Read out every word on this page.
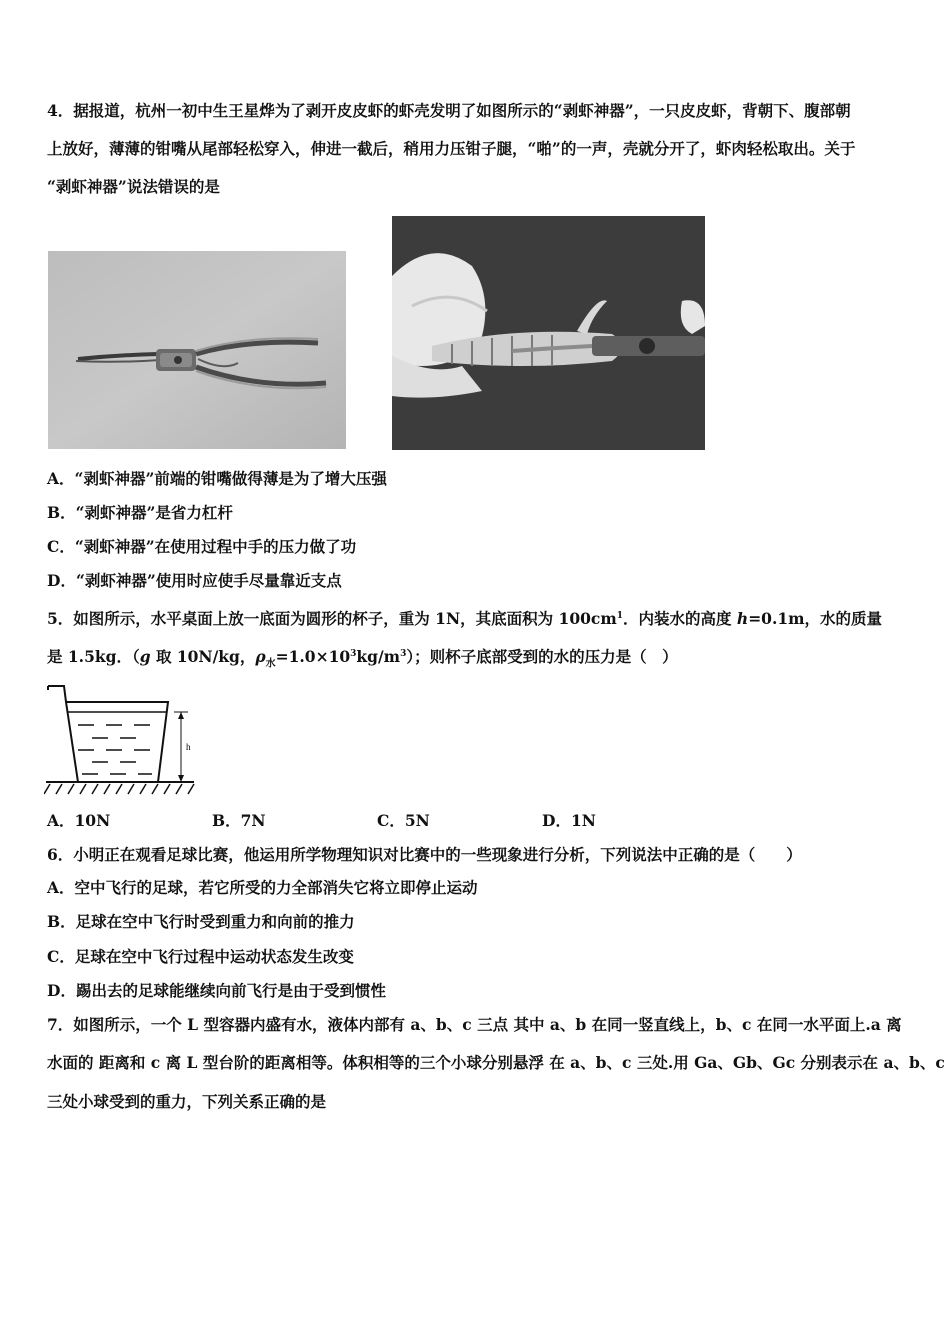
4．据报道，杭州一初中生王星烨为了剥开皮皮虾的虾壳发明了如图所示的“剥虾神器”，一只皮皮虾，背朝下、腹部朝
上放好，薄薄的钳嘴从尾部轻松穿入，伸进一截后，稍用力压钳子腿，“啪”的一声，壳就分开了，虾肉轻松取出。关于
“剥虾神器”说法错误的是
A．“剥虾神器”前端的钳嘴做得薄是为了增大压强
B．“剥虾神器”是省力杠杆
C．“剥虾神器”在使用过程中手的压力做了功
D．“剥虾神器”使用时应使手尽量靠近支点
5．如图所示，水平桌面上放一底面为圆形的杯子，重为 1N，其底面积为 $100cm^1$．内装水的高度 h=0.1m，水的质量
是 1.5kg．（g 取 10N/kg，$\rho_水=1.0\times 10^3kg/m^3$）；则杯子底部受到的水的压力是（　）
h
A．10N	B．7N	C．5N	D．1N
6．小明正在观看足球比赛，他运用所学物理知识对比赛中的一些现象进行分析，下列说法中正确的是（　　）
A．空中飞行的足球，若它所受的力全部消失它将立即停止运动
B．足球在空中飞行时受到重力和向前的推力
C．足球在空中飞行过程中运动状态发生改变
D．踢出去的足球能继续向前飞行是由于受到惯性
7．如图所示，一个 L 型容器内盛有水，液体内部有 a、b、c 三点 其中 a、b 在同一竖直线上，b、c 在同一水平面上.a 离
水面的 距离和 c 离 L 型台阶的距离相等。体积相等的三个小球分别悬浮 在 a、b、c 三处.用 Ga、Gb、Gc 分别表示在 a、b、c
三处小球受到的重力，下列关系正确的是
